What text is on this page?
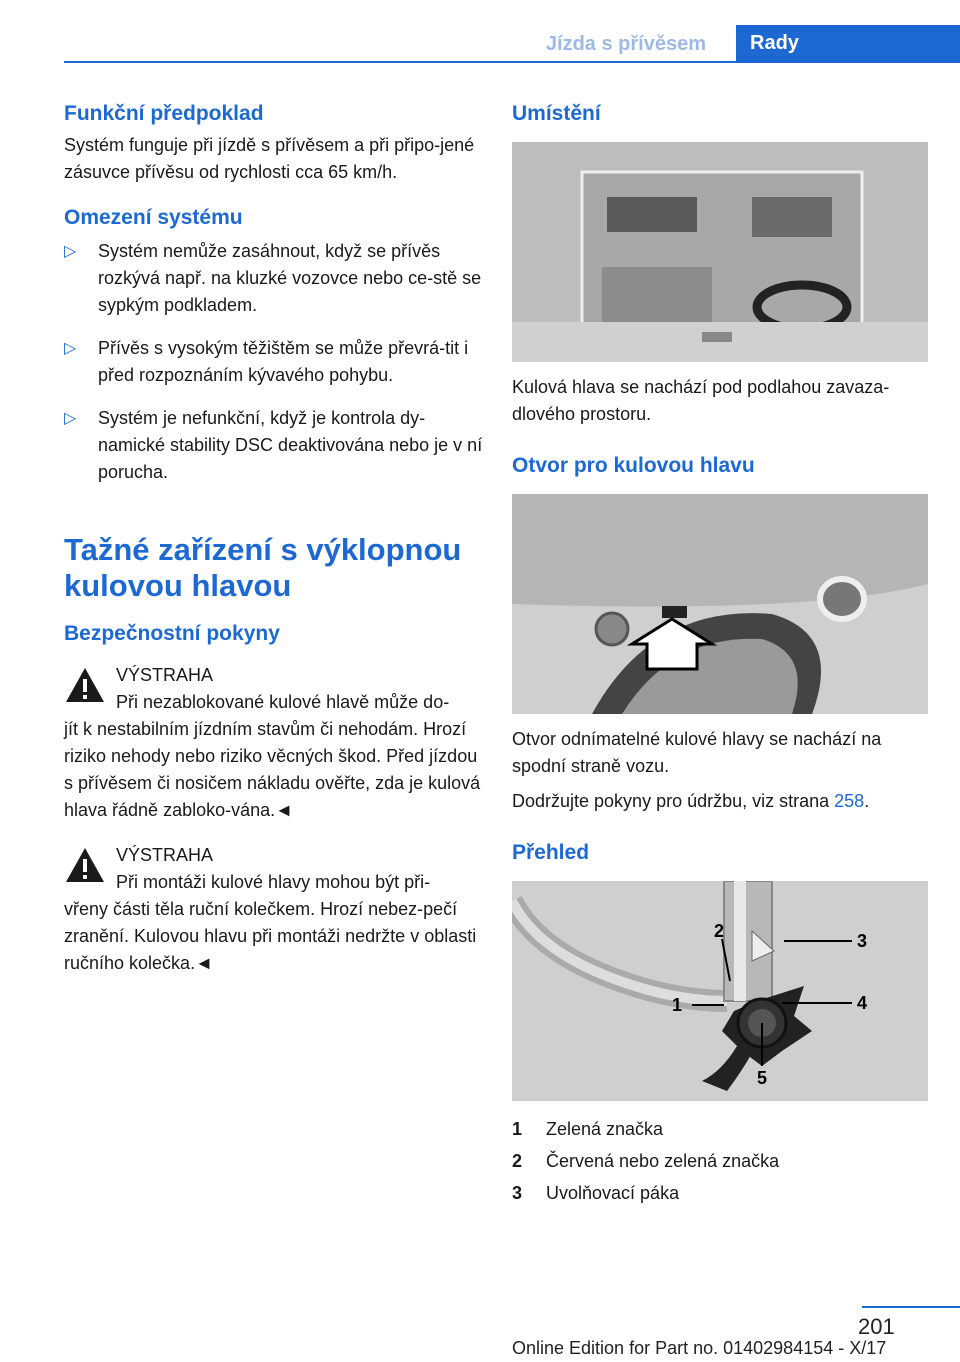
Jízda s přívěsem	Rady
Funkční předpoklad

Systém funguje při jízdě s přívěsem a při připo-jené zásuvce přívěsu od rychlosti cca 65 km/h.

Omezení systému
▷ Systém nemůže zasáhnout, když se přívěs rozkývá např. na kluzké vozovce nebo ce-stě se sypkým podkladem.
▷ Přívěs s vysokým těžištěm se může převrá-tit i před rozpoznáním kývavého pohybu.
▷ Systém je nefunkční, když je kontrola dy-namické stability DSC deaktivována nebo je v ní porucha.
Tažné zařízení s výklopnou kulovou hlavou
Bezpečnostní pokyny
VÝSTRAHA
Při nezablokované kulové hlavě může do-
jít k nestabilním jízdním stavům či nehodám. Hrozí riziko nehody nebo riziko věcných škod. Před jízdou s přívěsem či nosičem nákladu ověřte, zda je kulová hlava řádně zabloko-vána.◄
VÝSTRAHA
Při montáži kulové hlavy mohou být při-
vřeny části těla ruční kolečkem. Hrozí nebez-pečí zranění. Kulovou hlavu při montáži nedržte v oblasti ručního kolečka.◄
Umístění

Kulová hlava se nachází pod podlahou zavaza-dlového prostoru.

Otvor pro kulovou hlavu

Otvor odnímatelné kulové hlavy se nachází na spodní straně vozu.

Dodržujte pokyny pro údržbu, viz strana 258.

Přehled
1
2	3
4
5
1	Zelená značka
2	Červená nebo zelená značka
3	Uvolňovací páka
201
Online Edition for Part no. 01402984154 - X/17
